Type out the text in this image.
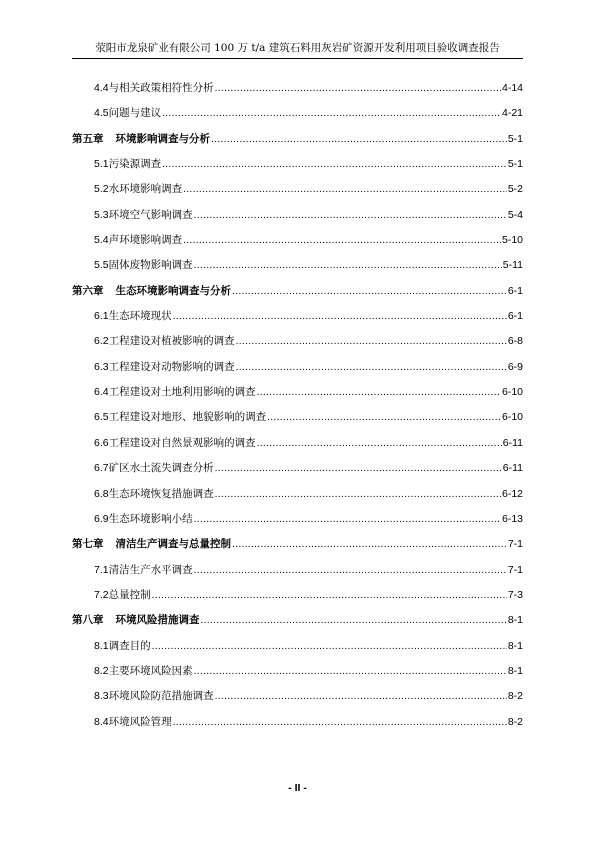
荥阳市龙泉矿业有限公司 100 万 t/a 建筑石料用灰岩矿资源开发利用项目验收调查报告
4.4 与相关政策相符性分析 .....	4-14
4.5 问题与建议 .....	4-21
第五章 环境影响调查与分析 .....	5-1
5.1 污染源调查 .....	5-1
5.2 水环境影响调查 .....	5-2
5.3 环境空气影响调查 .....	5-4
5.4 声环境影响调查 .....	5-10
5.5 固体废物影响调查 .....	5-11
第六章 生态环境影响调查与分析 .....	6-1
6.1 生态环境现状 .....	6-1
6.2 工程建设对植被影响的调查 .....	6-8
6.3 工程建设对动物影响的调查 .....	6-9
6.4 工程建设对土地利用影响的调查 .....	6-10
6.5 工程建设对地形、地貌影响的调查 .....	6-10
6.6 工程建设对自然景观影响的调查 .....	6-11
6.7 矿区水土流失调查分析 .....	6-11
6.8 生态环境恢复措施调查 .....	6-12
6.9 生态环境影响小结 .....	6-13
第七章 清洁生产调查与总量控制 .....	7-1
7.1 清洁生产水平调查 .....	7-1
7.2 总量控制 .....	7-3
第八章 环境风险措施调查 .....	8-1
8.1 调查目的 .....	8-1
8.2 主要环境风险因素 .....	8-1
8.3 环境风险防范措施调查 .....	8-2
8.4 环境风险管理 .....	8-2
- II -
